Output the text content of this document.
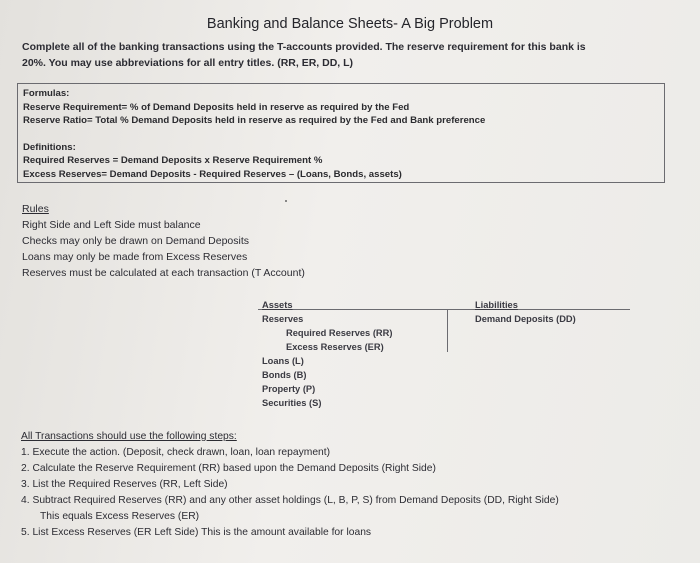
Banking and Balance Sheets- A Big Problem
Complete all of the banking transactions using the T-accounts provided. The reserve requirement for this bank is
20%. You may use abbreviations for all entry titles. (RR, ER, DD, L)
Formulas:
Reserve Requirement= % of Demand Deposits held in reserve as required by the Fed
Reserve Ratio= Total % Demand Deposits held in reserve as required by the Fed and Bank preference
Definitions:
Required Reserves = Demand Deposits x Reserve Requirement %
Excess Reserves= Demand Deposits - Required Reserves – (Loans, Bonds, assets)
Rules
Right Side and Left Side must balance
Checks may only be drawn on Demand Deposits
Loans may only be made from Excess Reserves
Reserves must be calculated at each transaction (T Account)
Assets
Reserves
Required Reserves (RR)
Excess Reserves (ER)
Loans (L)
Bonds (B)
Property (P)
Securities (S)
Liabilities
Demand Deposits (DD)
All Transactions should use the following steps:
1. Execute the action. (Deposit, check drawn, loan, loan repayment)
2. Calculate the Reserve Requirement (RR) based upon the Demand Deposits (Right Side)
3. List the Required Reserves (RR, Left Side)
4. Subtract Required Reserves (RR) and any other asset holdings (L, B, P, S) from Demand Deposits (DD, Right Side)
This equals Excess Reserves (ER)
5. List Excess Reserves (ER Left Side) This is the amount available for loans
